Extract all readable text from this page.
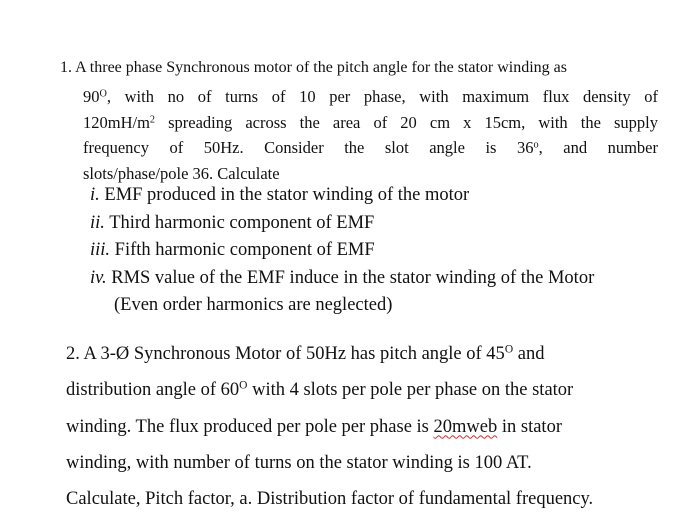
1. A three phase Synchronous motor of the pitch angle for the stator winding as
$90^O$, with no of turns of 10 per phase, with maximum flux density of
$120mH/m^2$ spreading across the area of 20 cm x 15cm, with the supply
frequency of 50Hz. Consider the slot angle is 36$^o$, and number
slots/phase/pole 36. Calculate
i. EMF produced in the stator winding of the motor
ii. Third harmonic component of EMF
iii. Fifth harmonic component of EMF
iv. RMS value of the EMF induce in the stator winding of the Motor
(Even order harmonics are neglected)
2. A 3-Ø Synchronous Motor of 50Hz has pitch angle of $45^O$ and
distribution angle of $60^O$ with 4 slots per pole per phase on the stator
winding. The flux produced per pole per phase is 20mweb in stator
winding, with number of turns on the stator winding is 100 AT.
Calculate, Pitch factor, a. Distribution factor of fundamental frequency.
